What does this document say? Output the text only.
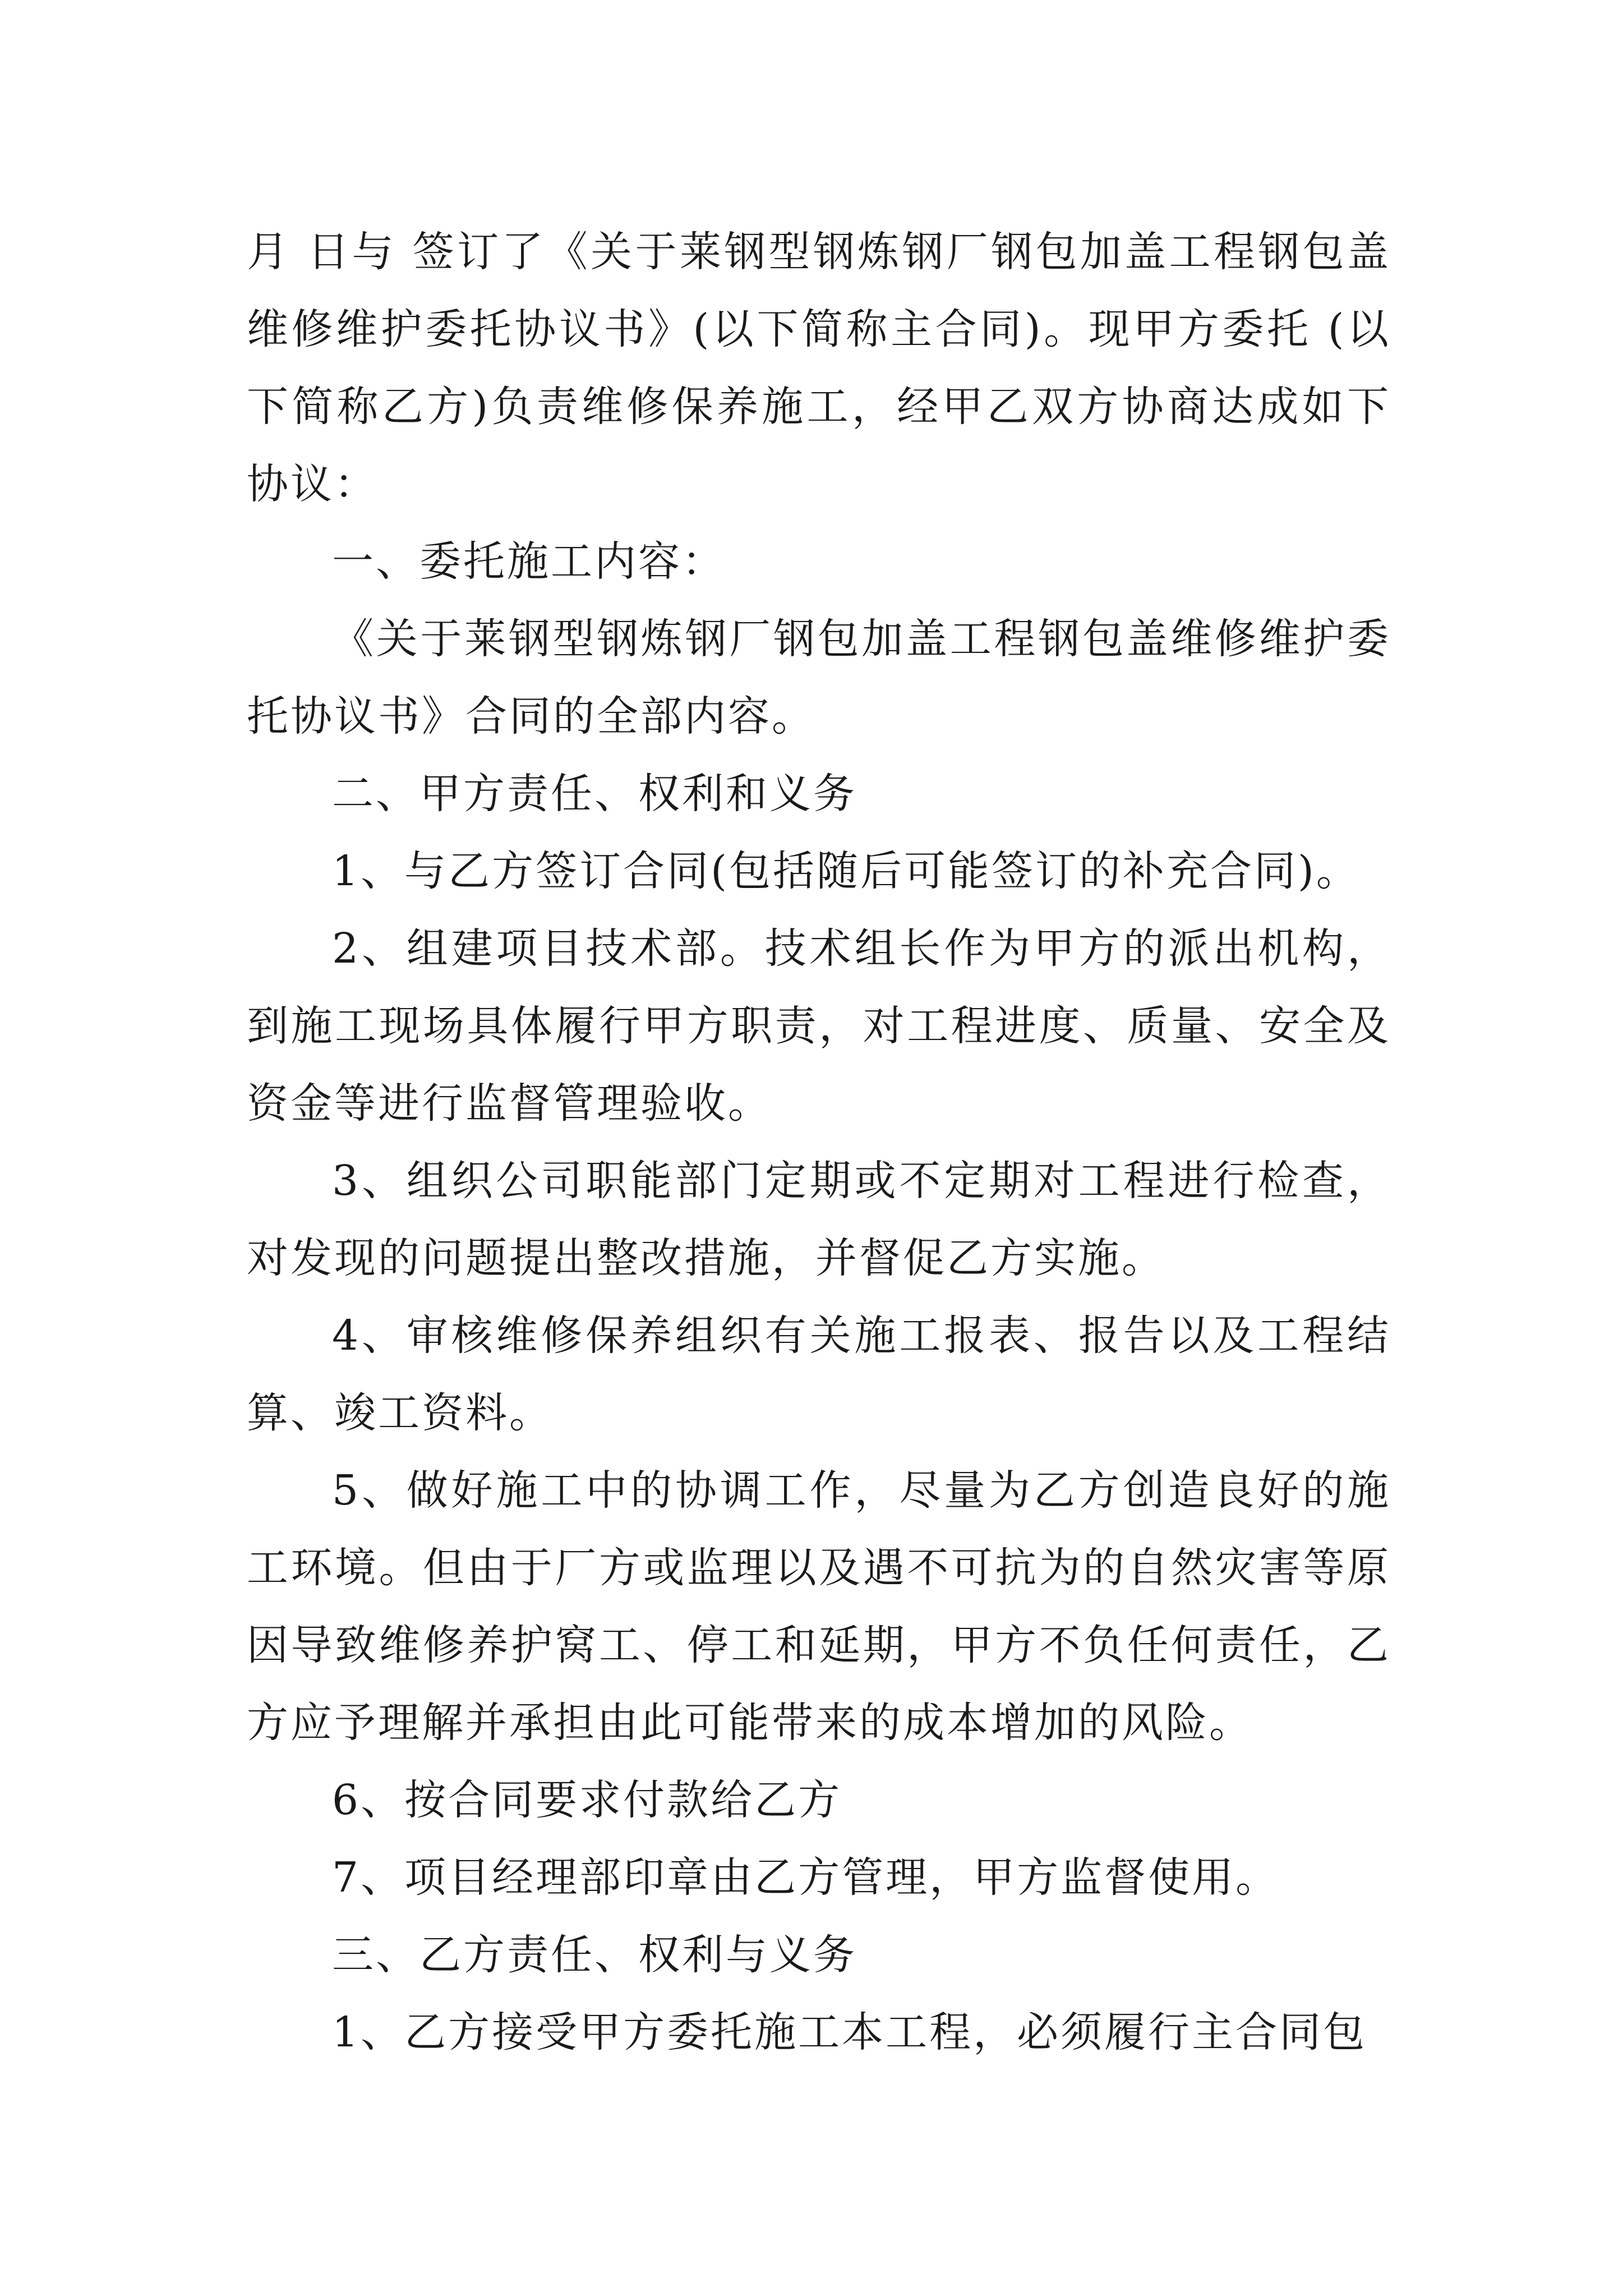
月 日与 签订了《关于莱钢型钢炼钢厂钢包加盖工程钢包盖维修维护委托协议书》(以下简称主合同)。现甲方委托 (以下简称乙方)负责维修保养施工，经甲乙双方协商达成如下协议：

一、委托施工内容：

《关于莱钢型钢炼钢厂钢包加盖工程钢包盖维修维护委托协议书》合同的全部内容。

二、甲方责任、权利和义务

1、与乙方签订合同(包括随后可能签订的补充合同)。

2、组建项目技术部。技术组长作为甲方的派出机构，到施工现场具体履行甲方职责，对工程进度、质量、安全及资金等进行监督管理验收。

3、组织公司职能部门定期或不定期对工程进行检查，对发现的问题提出整改措施，并督促乙方实施。

4、审核维修保养组织有关施工报表、报告以及工程结算、竣工资料。

5、做好施工中的协调工作，尽量为乙方创造良好的施工环境。但由于厂方或监理以及遇不可抗为的自然灾害等原因导致维修养护窝工、停工和延期，甲方不负任何责任，乙方应予理解并承担由此可能带来的成本增加的风险。

6、按合同要求付款给乙方

7、项目经理部印章由乙方管理，甲方监督使用。

三、乙方责任、权利与义务

1、乙方接受甲方委托施工本工程，必须履行主合同包
